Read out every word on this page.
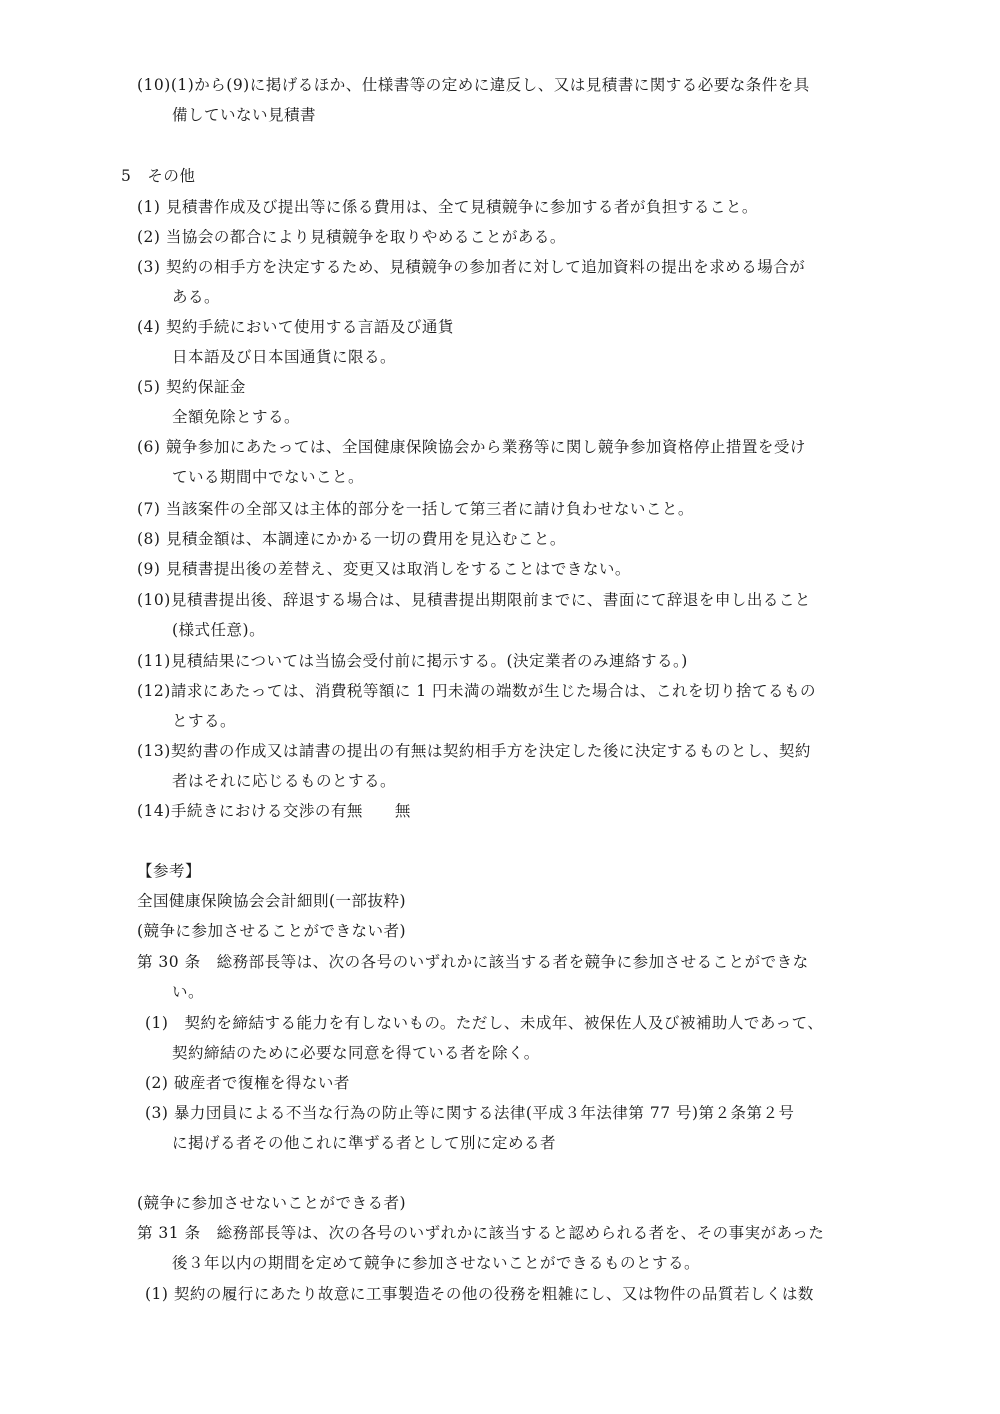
(10)(1)から(9)に掲げるほか、仕様書等の定めに違反し、又は見積書に関する必要な条件を具
備していない見積書
5　その他
(1) 見積書作成及び提出等に係る費用は、全て見積競争に参加する者が負担すること。
(2) 当協会の都合により見積競争を取りやめることがある。
(3) 契約の相手方を決定するため、見積競争の参加者に対して追加資料の提出を求める場合が
ある。
(4) 契約手続において使用する言語及び通貨
日本語及び日本国通貨に限る。
(5) 契約保証金
全額免除とする。
(6) 競争参加にあたっては、全国健康保険協会から業務等に関し競争参加資格停止措置を受け
ている期間中でないこと。
(7) 当該案件の全部又は主体的部分を一括して第三者に請け負わせないこと。
(8) 見積金額は、本調達にかかる一切の費用を見込むこと。
(9) 見積書提出後の差替え、変更又は取消しをすることはできない。
(10)見積書提出後、辞退する場合は、見積書提出期限前までに、書面にて辞退を申し出ること
(様式任意)。
(11)見積結果については当協会受付前に掲示する。(決定業者のみ連絡する。)
(12)請求にあたっては、消費税等額に 1 円未満の端数が生じた場合は、これを切り捨てるもの
とする。
(13)契約書の作成又は請書の提出の有無は契約相手方を決定した後に決定するものとし、契約
者はそれに応じるものとする。
(14)手続きにおける交渉の有無　　無
【参考】
全国健康保険協会会計細則(一部抜粋)
(競争に参加させることができない者)
第 30 条　総務部長等は、次の各号のいずれかに該当する者を競争に参加させることができな
い。
(1)　契約を締結する能力を有しないもの。ただし、未成年、被保佐人及び被補助人であって、
契約締結のために必要な同意を得ている者を除く。
(2) 破産者で復権を得ない者
(3) 暴力団員による不当な行為の防止等に関する法律(平成３年法律第 77 号)第２条第２号
に掲げる者その他これに準ずる者として別に定める者
(競争に参加させないことができる者)
第 31 条　総務部長等は、次の各号のいずれかに該当すると認められる者を、その事実があった
後３年以内の期間を定めて競争に参加させないことができるものとする。
(1) 契約の履行にあたり故意に工事製造その他の役務を粗雑にし、又は物件の品質若しくは数
